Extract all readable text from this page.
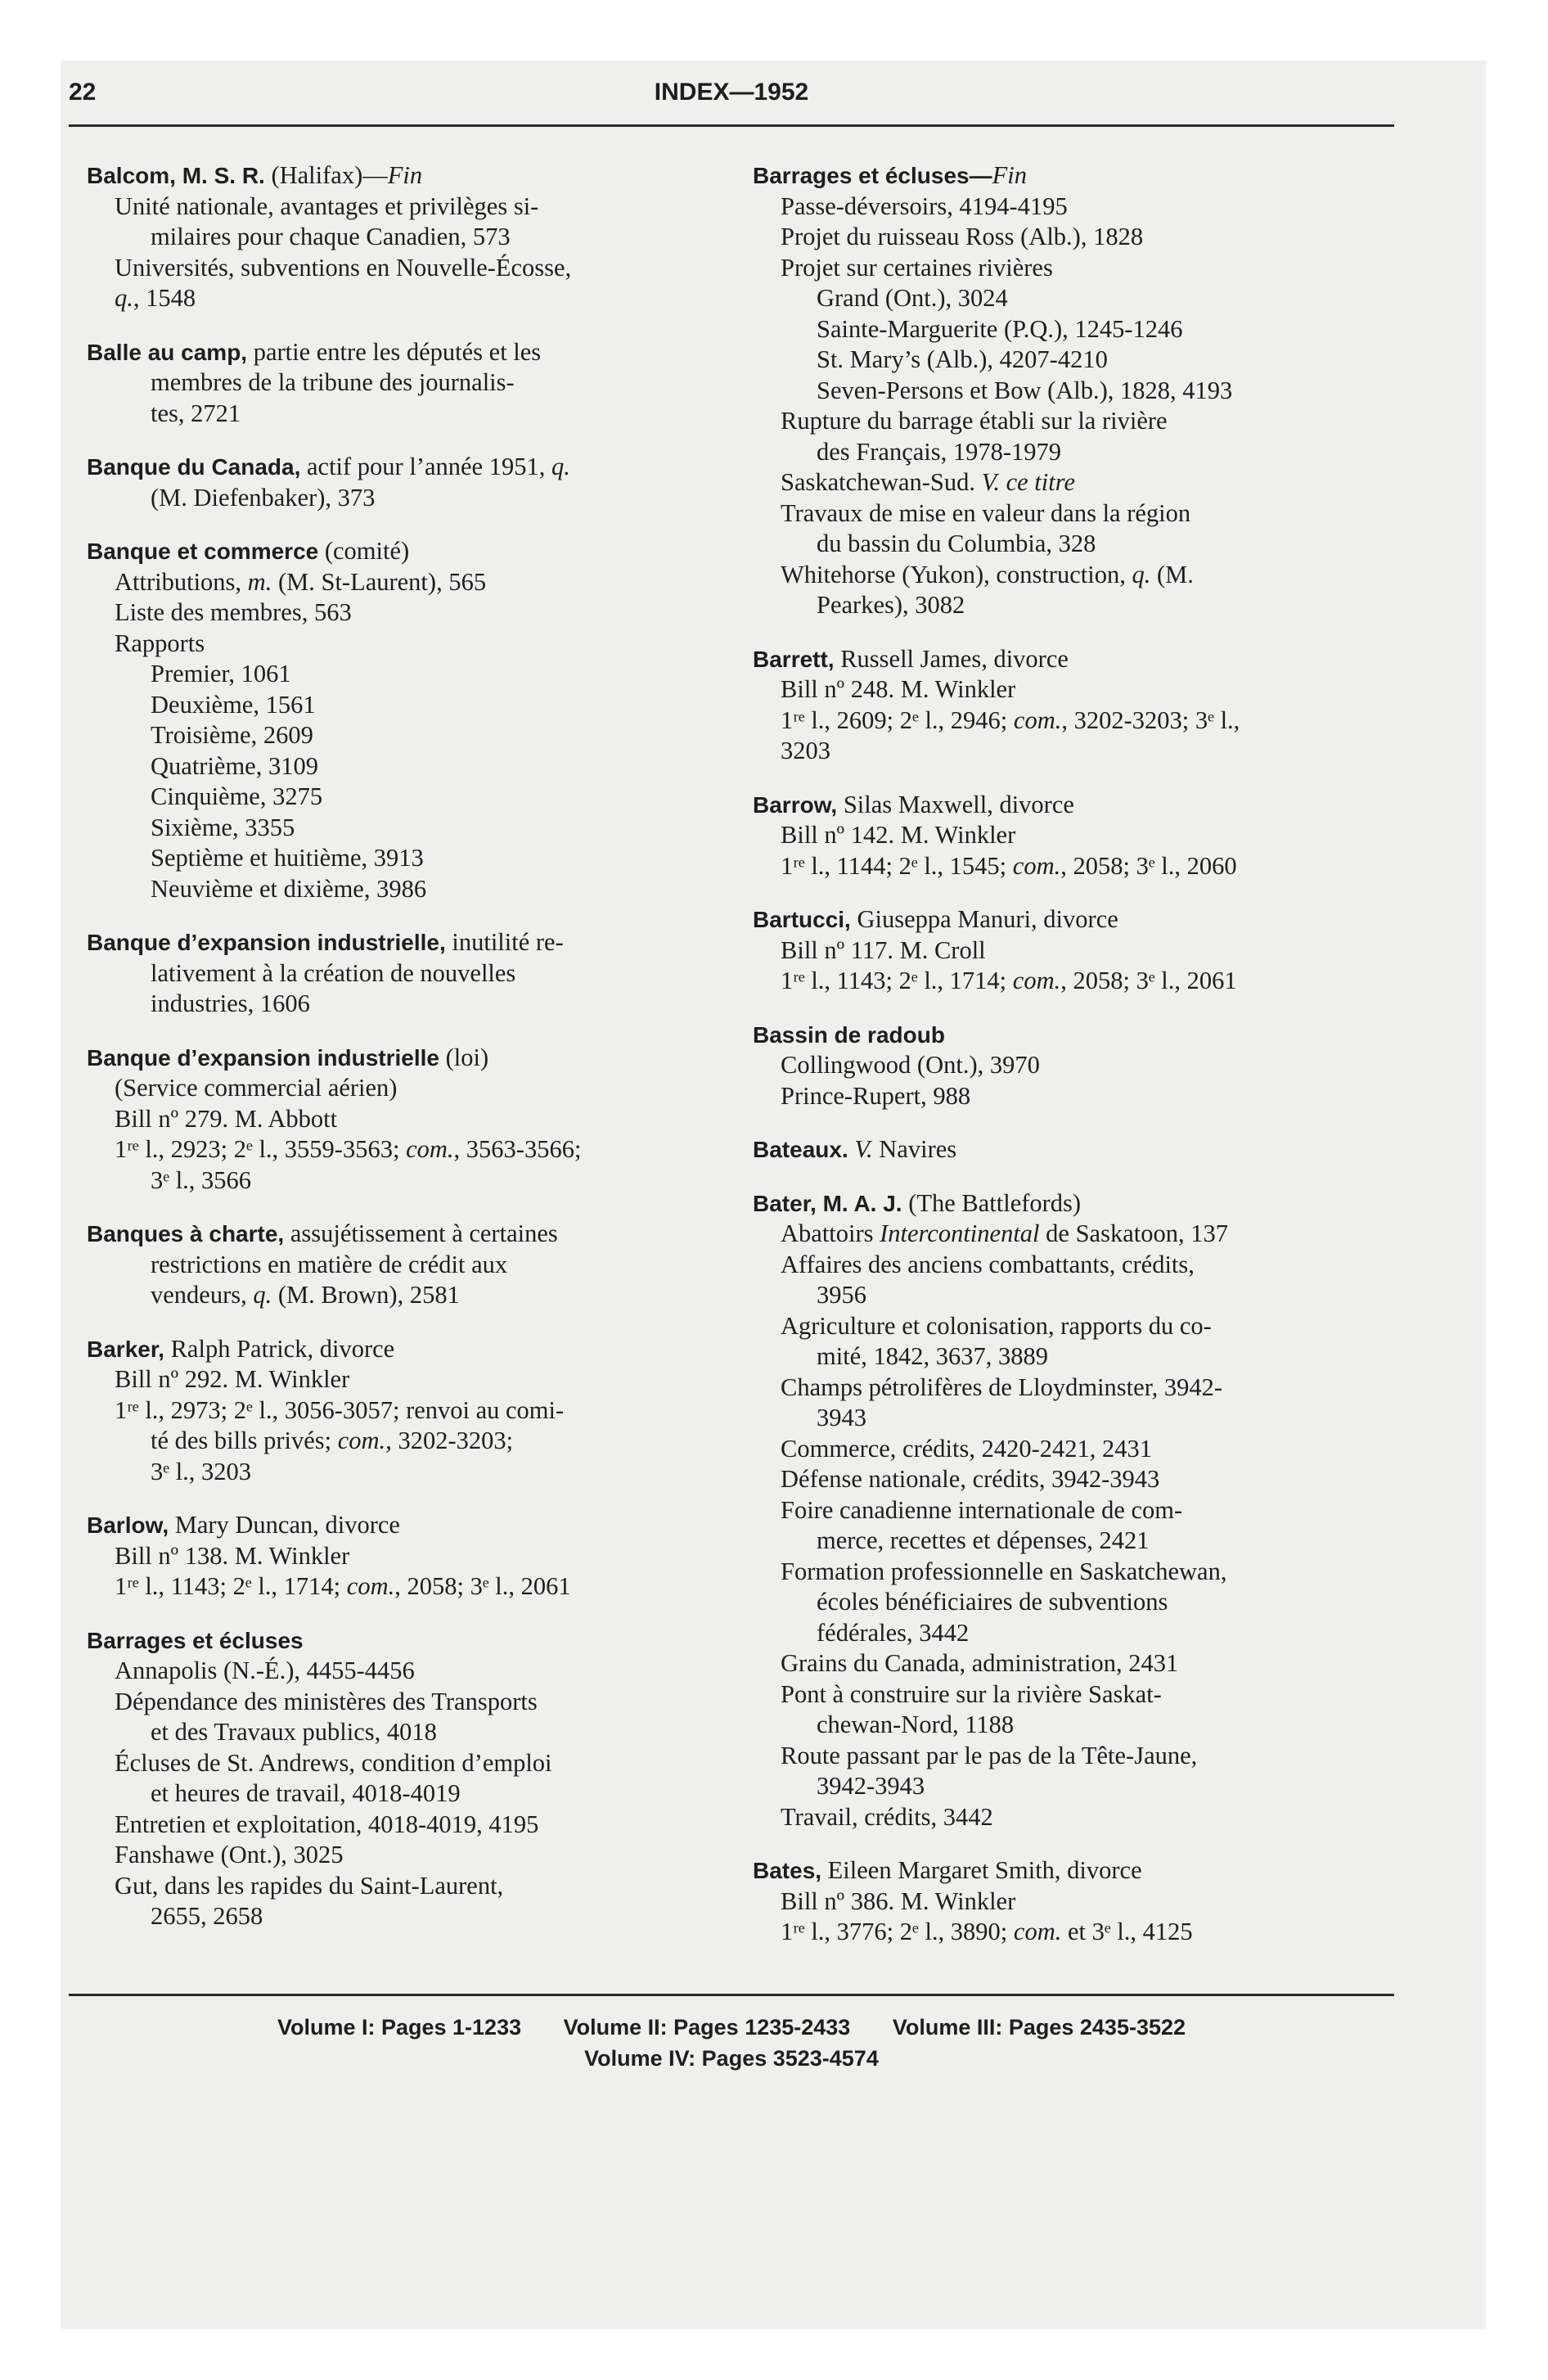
22	INDEX—1952
Balcom, M. S. R. (Halifax)—Fin
Unité nationale, avantages et privilèges si-
milaires pour chaque Canadien, 573
Universités, subventions en Nouvelle-Écosse,
q., 1548
Balle au camp, partie entre les députés et les
membres de la tribune des journalis-
tes, 2721
Banque du Canada, actif pour l’année 1951, q.
(M. Diefenbaker), 373
Banque et commerce (comité)
Attributions, m. (M. St-Laurent), 565
Liste des membres, 563
Rapports
Premier, 1061
Deuxième, 1561
Troisième, 2609
Quatrième, 3109
Cinquième, 3275
Sixième, 3355
Septième et huitième, 3913
Neuvième et dixième, 3986
Banque d’expansion industrielle, inutilité re-
lativement à la création de nouvelles
industries, 1606
Banque d’expansion industrielle (loi)
(Service commercial aérien)
Bill nº 279. M. Abbott
1ʳᵉ l., 2923; 2ᵉ l., 3559-3563; com., 3563-3566;
3ᵉ l., 3566
Banques à charte, assujétissement à certaines
restrictions en matière de crédit aux
vendeurs, q. (M. Brown), 2581
Barker, Ralph Patrick, divorce
Bill nº 292. M. Winkler
1ʳᵉ l., 2973; 2ᵉ l., 3056-3057; renvoi au comi-
té des bills privés; com., 3202-3203;
3ᵉ l., 3203
Barlow, Mary Duncan, divorce
Bill nº 138. M. Winkler
1ʳᵉ l., 1143; 2ᵉ l., 1714; com., 2058; 3ᵉ l., 2061
Barrages et écluses
Annapolis (N.-É.), 4455-4456
Dépendance des ministères des Transports
et des Travaux publics, 4018
Écluses de St. Andrews, condition d’emploi
et heures de travail, 4018-4019
Entretien et exploitation, 4018-4019, 4195
Fanshawe (Ont.), 3025
Gut, dans les rapides du Saint-Laurent,
2655, 2658
Barrages et écluses—Fin
Passe-déversoirs, 4194-4195
Projet du ruisseau Ross (Alb.), 1828
Projet sur certaines rivières
Grand (Ont.), 3024
Sainte-Marguerite (P.Q.), 1245-1246
St. Mary’s (Alb.), 4207-4210
Seven-Persons et Bow (Alb.), 1828, 4193
Rupture du barrage établi sur la rivière
des Français, 1978-1979
Saskatchewan-Sud. V. ce titre
Travaux de mise en valeur dans la région
du bassin du Columbia, 328
Whitehorse (Yukon), construction, q. (M.
Pearkes), 3082
Barrett, Russell James, divorce
Bill nº 248. M. Winkler
1ʳᵉ l., 2609; 2ᵉ l., 2946; com., 3202-3203; 3ᵉ l.,
3203
Barrow, Silas Maxwell, divorce
Bill nº 142. M. Winkler
1ʳᵉ l., 1144; 2ᵉ l., 1545; com., 2058; 3ᵉ l., 2060
Bartucci, Giuseppa Manuri, divorce
Bill nº 117. M. Croll
1ʳᵉ l., 1143; 2ᵉ l., 1714; com., 2058; 3ᵉ l., 2061
Bassin de radoub
Collingwood (Ont.), 3970
Prince-Rupert, 988
Bateaux. V. Navires
Bater, M. A. J. (The Battlefords)
Abattoirs Intercontinental de Saskatoon, 137
Affaires des anciens combattants, crédits,
3956
Agriculture et colonisation, rapports du co-
mité, 1842, 3637, 3889
Champs pétrolifères de Lloydminster, 3942-
3943
Commerce, crédits, 2420-2421, 2431
Défense nationale, crédits, 3942-3943
Foire canadienne internationale de com-
merce, recettes et dépenses, 2421
Formation professionnelle en Saskatchewan,
écoles bénéficiaires de subventions
fédérales, 3442
Grains du Canada, administration, 2431
Pont à construire sur la rivière Saskat-
chewan-Nord, 1188
Route passant par le pas de la Tête-Jaune,
3942-3943
Travail, crédits, 3442
Bates, Eileen Margaret Smith, divorce
Bill nº 386. M. Winkler
1ʳᵉ l., 3776; 2ᵉ l., 3890; com. et 3ᵉ l., 4125
Volume I: Pages 1-1233 Volume II: Pages 1235-2433 Volume III: Pages 2435-3522
Volume IV: Pages 3523-4574
